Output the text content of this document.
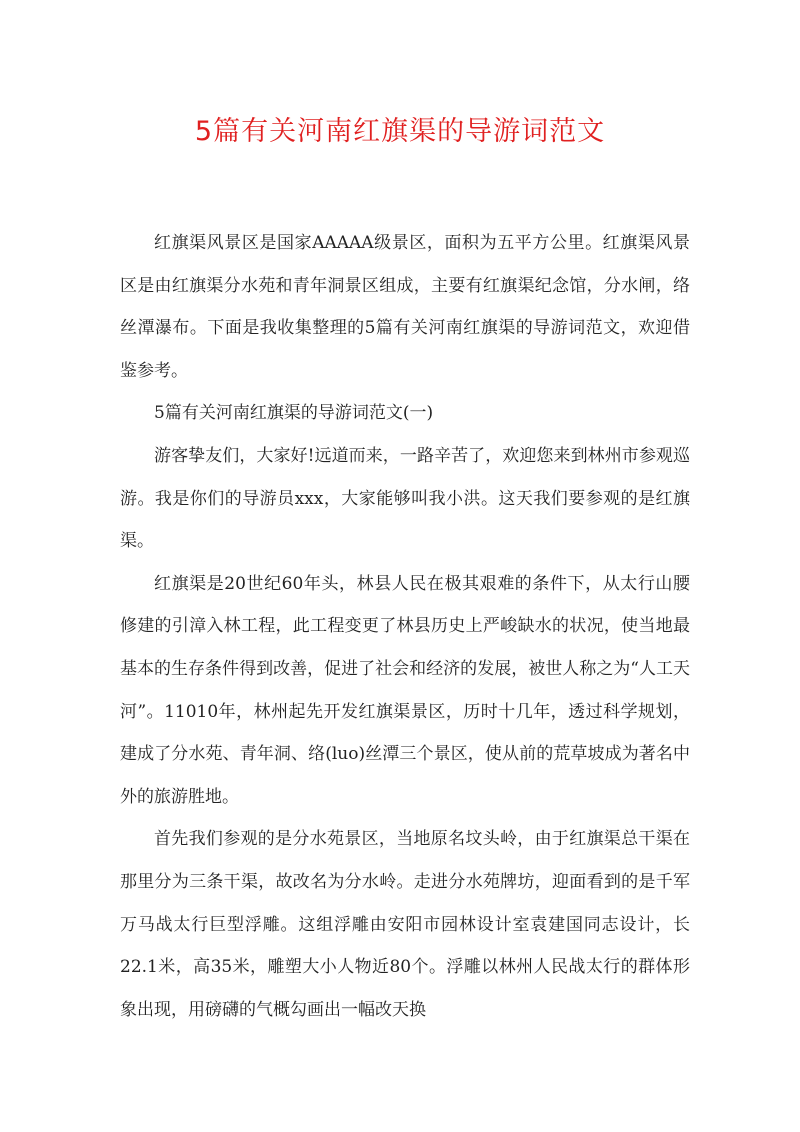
5篇有关河南红旗渠的导游词范文

红旗渠风景区是国家AAAAA级景区，面积为五平方公里。红旗渠风景区是由红旗渠分水苑和青年洞景区组成，主要有红旗渠纪念馆，分水闸，络丝潭瀑布。下面是我收集整理的5篇有关河南红旗渠的导游词范文，欢迎借鉴参考。

5篇有关河南红旗渠的导游词范文(一)

游客挚友们，大家好!远道而来，一路辛苦了，欢迎您来到林州市参观巡游。我是你们的导游员xxx，大家能够叫我小洪。这天我们要参观的是红旗渠。

红旗渠是20世纪60年头，林县人民在极其艰难的条件下，从太行山腰修建的引漳入林工程，此工程变更了林县历史上严峻缺水的状况，使当地最基本的生存条件得到改善，促进了社会和经济的发展，被世人称之为“人工天河”。11010年，林州起先开发红旗渠景区，历时十几年，透过科学规划，建成了分水苑、青年洞、络(luo)丝潭三个景区，使从前的荒草坡成为著名中外的旅游胜地。

首先我们参观的是分水苑景区，当地原名坟头岭，由于红旗渠总干渠在那里分为三条干渠，故改名为分水岭。走进分水苑牌坊，迎面看到的是千军万马战太行巨型浮雕。这组浮雕由安阳市园林设计室袁建国同志设计，长22.1米，高35米，雕塑大小人物近80个。浮雕以林州人民战太行的群体形象出现，用磅礴的气概勾画出一幅改天换
